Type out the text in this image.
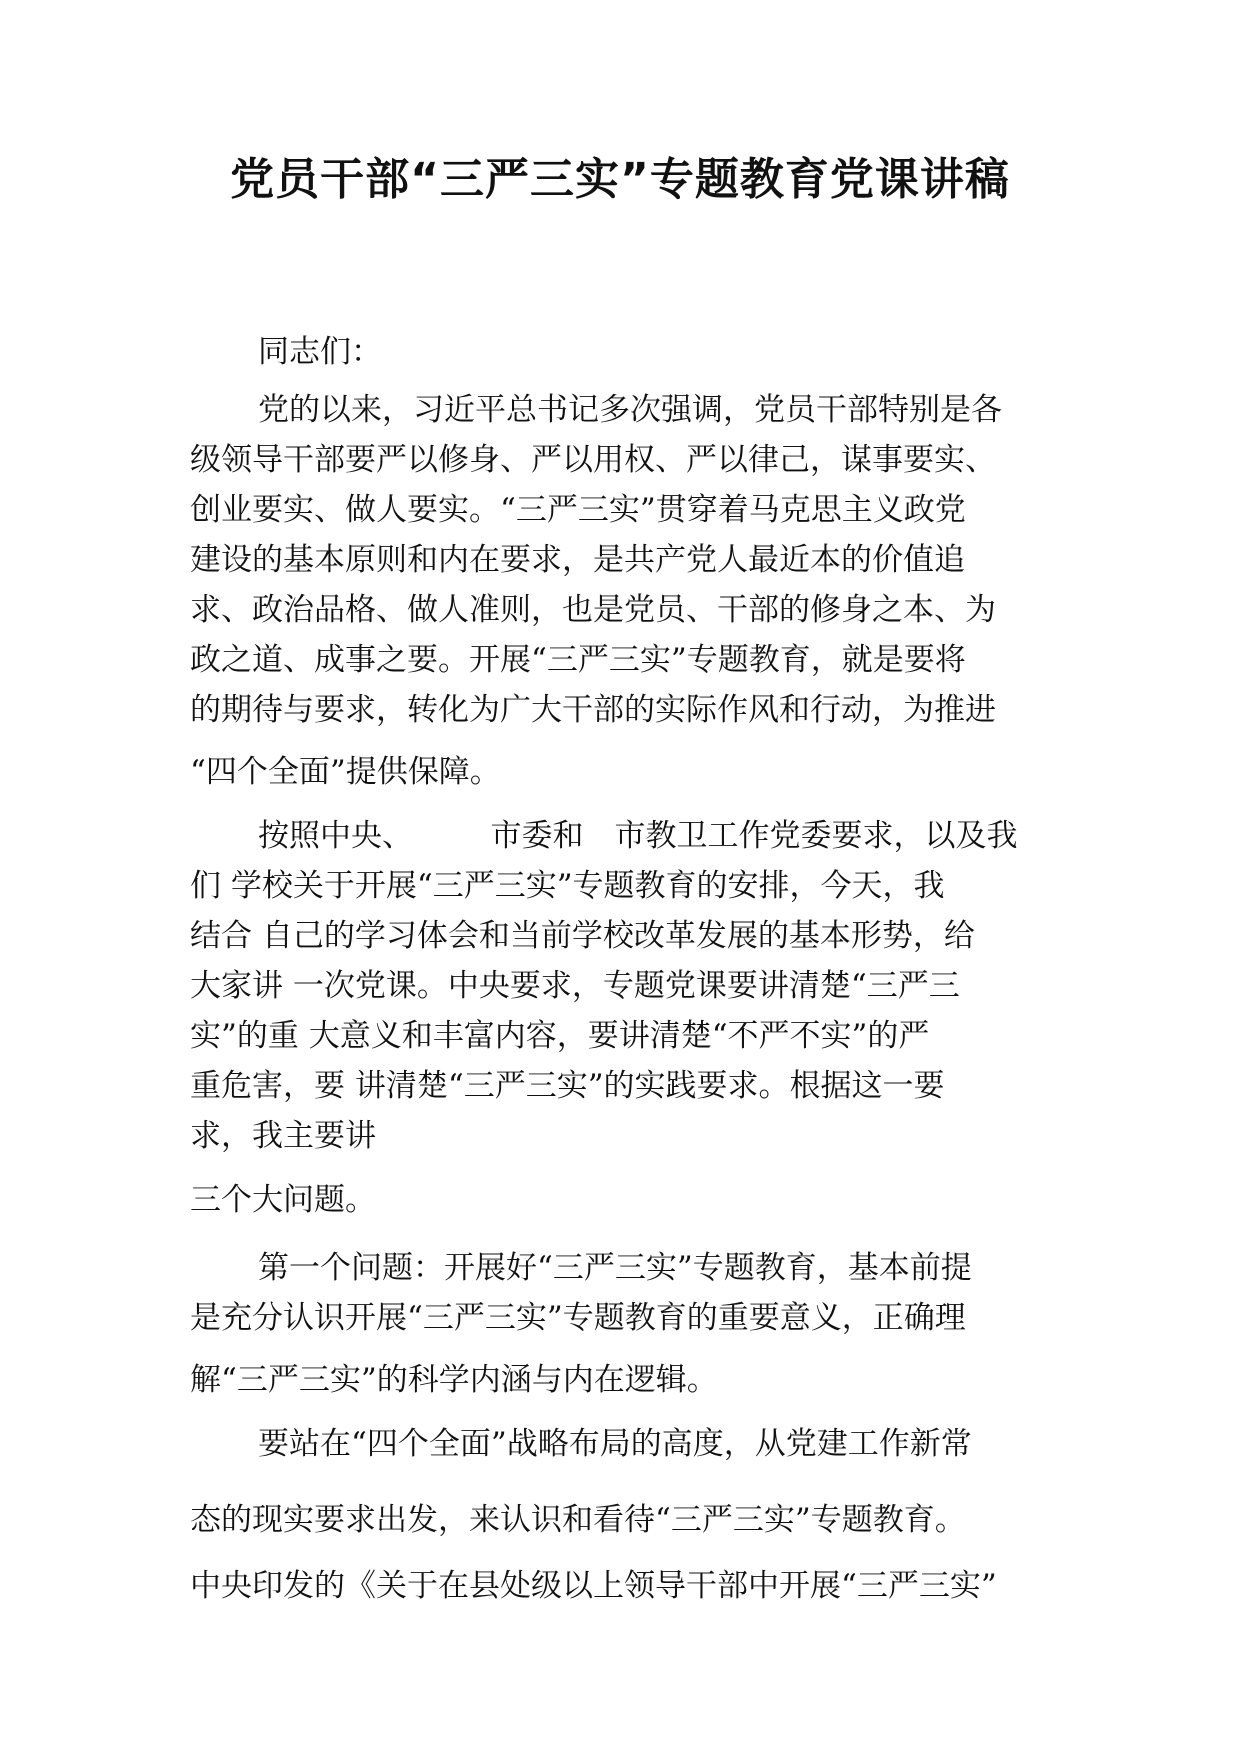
党员干部“三严三实”专题教育党课讲稿

同志们：

党的以来，习近平总书记多次强调，党员干部特别是各

级领导干部要严以修身、严以用权、严以律己，谋事要实、

创业要实、做人要实。“三严三实”贯穿着马克思主义政党

建设的基本原则和内在要求，是共产党人最近本的价值追

求、政治品格、做人准则，也是党员、干部的修身之本、为

政之道、成事之要。开展“三严三实”专题教育，就是要将

的期待与要求，转化为广大干部的实际作风和行动，为推进

“四个全面”提供保障。

按照中央、　　　市委和　市教卫工作党委要求，以及我

们 学校关于开展“三严三实”专题教育的安排，今天，我

结合 自己的学习体会和当前学校改革发展的基本形势，给

大家讲 一次党课。中央要求，专题党课要讲清楚“三严三

实”的重 大意义和丰富内容，要讲清楚“不严不实”的严

重危害，要 讲清楚“三严三实”的实践要求。根据这一要

求，我主要讲

三个大问题。

第一个问题：开展好“三严三实”专题教育，基本前提

是充分认识开展“三严三实”专题教育的重要意义，正确理

解“三严三实”的科学内涵与内在逻辑。

要站在“四个全面”战略布局的高度，从党建工作新常

态的现实要求出发，来认识和看待“三严三实”专题教育。

中央印发的《关于在县处级以上领导干部中开展“三严三实”
